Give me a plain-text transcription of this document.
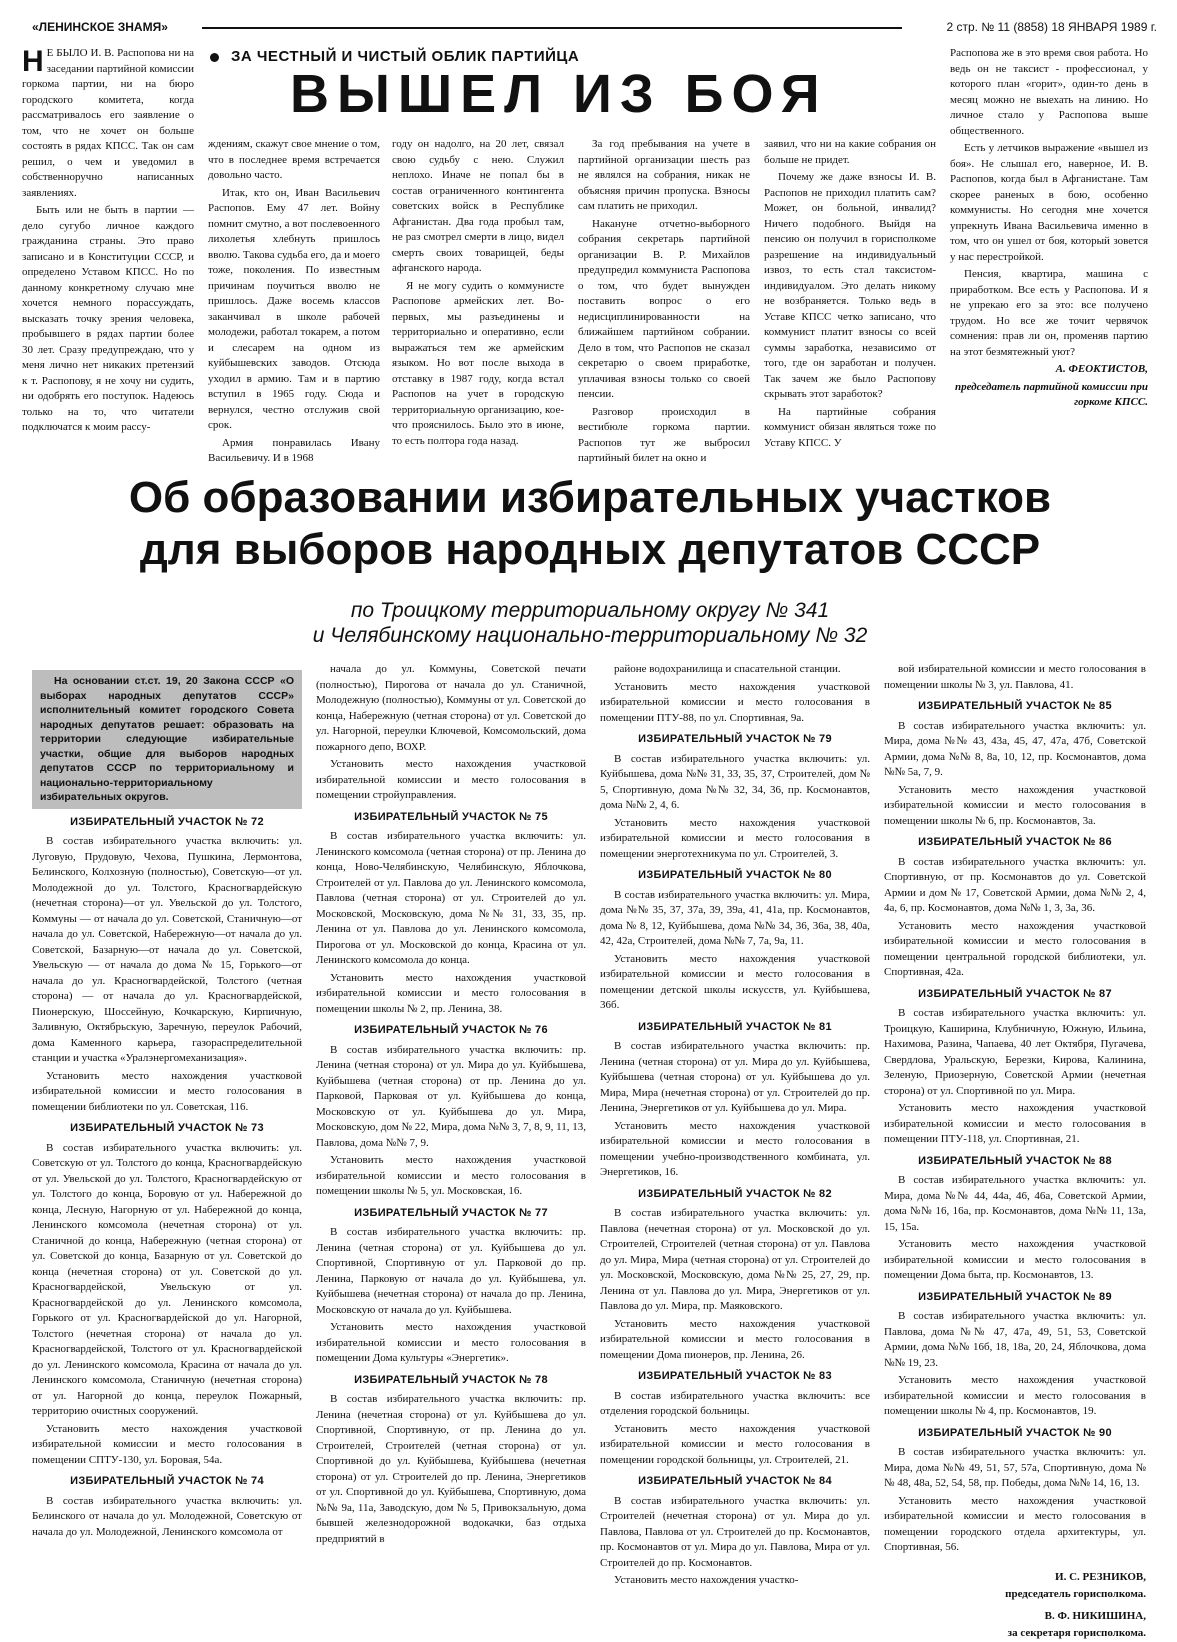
«ЛЕНИНСКОЕ ЗНАМЯ»	2 стр. № 11 (8858) 18 ЯНВАРЯ 1989 г.
ЗА ЧЕСТНЫЙ И ЧИСТЫЙ ОБЛИК ПАРТИЙЦА
ВЫШЕЛ ИЗ БОЯ

Н Е БЫЛО И. В. Распопова ни на заседании партийной комиссии горкома партии, ни на бюро городского комитета, когда рассматривалось его заявление о том, что не хочет он больше состоять в рядах КПСС. Так он сам решил, о чем и уведомил в собственноручно написанных заявлениях.

Быть или не быть в партии — дело сугубо личное каждого гражданина страны. Это право записано и в Конституции СССР, и определено Уставом КПСС. Но по данному конкретному случаю мне хочется немного порассуждать, высказать точку зрения человека, пробывшего в рядах партии более 30 лет. Сразу предупреждаю, что у меня лично нет никаких претензий к т. Распопову, я не хочу ни судить, ни одобрять его поступок. Надеюсь только на то, что читатели подключатся к моим рассу-

ждениям, скажут свое мнение о том, что в последнее время встречается довольно часто.

Итак, кто он, Иван Васильевич Распопов. Ему 47 лет. Войну помнит смутно, а вот послевоенного лихолетья хлебнуть пришлось вволю. Такова судьба его, да и моего тоже, поколения. По известным причинам поучиться вволю не пришлось. Даже восемь классов заканчивал в школе рабочей молодежи, работал токарем, а потом и слесарем на одном из куйбышевских заводов. Отсюда уходил в армию. Там и в партию вступил в 1965 году. Сюда и вернулся, честно отслужив свой срок.

Армия понравилась Ивану Васильевичу. И в 1968

году он надолго, на 20 лет, связал свою судьбу с нею. Служил неплохо. Иначе не попал бы в состав ограниченного контингента советских войск в Республике Афганистан. Два года пробыл там, не раз смотрел смерти в лицо, видел смерть своих товарищей, беды афганского народа.

Я не могу судить о коммунисте Распопове армейских лет. Во-первых, мы разъединены и территориально и оперативно, если выражаться тем же армейским языком. Но вот после выхода в отставку в 1987 году, когда встал Распопов на учет в городскую территориальную организацию, кое-что прояснилось. Было это в июне, то есть полтора года назад.

За год пребывания на учете в партийной организации шесть раз не являлся на собрания, никак не объясняя причин пропуска. Взносы сам платить не приходил.

Накануне отчетно-выборного собрания секретарь партийной организации В. Р. Михайлов предупредил коммуниста Распопова о том, что будет вынужден поставить вопрос о его недисциплинированности на ближайшем партийном собрании. Дело в том, что Распопов не сказал секретарю о своем приработке, уплачивая взносы только со своей пенсии.

Разговор происходил в вестибюле горкома партии. Распопов тут же выбросил партийный билет на окно и

заявил, что ни на какие собрания он больше не придет.

Почему же даже взносы И. В. Распопов не приходил платить сам? Может, он больной, инвалид? Ничего подобного. Выйдя на пенсию он получил в горисполкоме разрешение на индивидуальный извоз, то есть стал таксистом-индивидуалом. Это делать никому не возбраняется. Только ведь в Уставе КПСС четко записано, что коммунист платит взносы со всей суммы заработка, независимо от того, где он заработан и получен. Так зачем же было Распопову скрывать этот заработок?

На партийные собрания коммунист обязан являться тоже по Уставу КПСС. У

Распопова же в это время своя работа. Но ведь он не таксист - профессионал, у которого план «горит», один-то день в месяц можно не выехать на линию. Но личное стало у Распопова выше общественного.

Есть у летчиков выражение «вышел из боя». Не слышал его, наверное, И. В. Распопов, когда был в Афганистане. Там скорее раненых в бою, особенно коммунисты. Но сегодня мне хочется упрекнуть Ивана Васильевича именно в том, что он ушел от боя, который зовется у нас перестройкой.

Пенсия, квартира, машина с приработком. Все есть у Распопова. И я не упрекаю его за это: все получено трудом. Но все же точит червячок сомнения: прав ли он, променяв партию на этот безмятежный уют?

А. ФЕОКТИСТОВ,

председатель партийной комиссии при горкоме КПСС.

Об образовании избирательных участков
для выборов народных депутатов СССР
по Троицкому территориальному округу № 341
и Челябинскому национально-территориальному № 32
На основании ст.ст. 19, 20 Закона СССР «О выборах народных депутатов СССР» исполнительный комитет городского Совета народных депутатов решает: образовать на территории следующие избирательные участки, общие для выборов народных депутатов СССР по территориальному и национально-территориальному избирательных округов.
ИЗБИРАТЕЛЬНЫЙ УЧАСТОК № 72

В состав избирательного участка включить: ул. Луговую, Прудовую, Чехова, Пушкина, Лермонтова, Белинского, Колхозную (полностью), Советскую—от ул. Молодежной до ул. Толстого, Красногвардейскую (нечетная сторона)—от ул. Увельской до ул. Толстого, Коммуны — от начала до ул. Советской, Станичную—от начала до ул. Советской, Набережную—от начала до ул. Советской, Базарную—от начала до ул. Советской, Увельскую — от начала до дома № 15, Горького—от начала до ул. Красногвардейской, Толстого (четная сторона) — от начала до ул. Красногвардейской, Пионерскую, Шоссейную, Кочкарскую, Кирпичную, Заливную, Октябрьскую, Заречную, переулок Рабочий, дома Каменного карьера, газораспределительной станции и участка «Уралэнергомеханизация».

Установить место нахождения участковой избирательной комиссии и место голосования в помещении библиотеки по ул. Советская, 116.

ИЗБИРАТЕЛЬНЫЙ УЧАСТОК № 73

В состав избирательного участка включить: ул. Советскую от ул. Толстого до конца, Красногвардейскую от ул. Увельской до ул. Толстого, Красногвардейскую от ул. Толстого до конца, Боровую от ул. Набережной до конца, Лесную, Нагорную от ул. Набережной до конца, Ленинского комсомола (нечетная сторона) от ул. Станичной до конца, Набережную (четная сторона) от ул. Советской до конца, Базарную от ул. Советской до конца (нечетная сторона) от ул. Советской до ул. Красногвардейской, Увельскую от ул. Красногвардейской до ул. Ленинского комсомола, Горького от ул. Красногвардейской до ул. Нагорной, Толстого (нечетная сторона) от начала до ул. Красногвардейской, Толстого от ул. Красногвардейской до ул. Ленинского комсомола, Красина от начала до ул. Ленинского комсомола, Станичную (нечетная сторона) от ул. Нагорной до конца, переулок Пожарный, территорию очистных сооружений.

Установить место нахождения участковой избирательной комиссии и место голосования в помещении СПТУ-130, ул. Боровая, 54а.

ИЗБИРАТЕЛЬНЫЙ УЧАСТОК № 74

В состав избирательного участка включить: ул. Белинского от начала до ул. Молодежной, Советскую от начала до ул. Молодежной, Ленинского комсомола от

начала до ул. Коммуны, Советской печати (полностью), Пирогова от начала до ул. Станичной, Молодежную (полностью), Коммуны от ул. Советской до конца, Набережную (четная сторона) от ул. Советской до ул. Нагорной, переулки Ключевой, Комсомольский, дома пожарного депо, ВОХР.

Установить место нахождения участковой избирательной комиссии и место голосования в помещении стройуправления.

ИЗБИРАТЕЛЬНЫЙ УЧАСТОК № 75

В состав избирательного участка включить: ул. Ленинского комсомола (четная сторона) от пр. Ленина до конца, Ново-Челябинскую, Челябинскую, Яблочкова, Строителей от ул. Павлова до ул. Ленинского комсомола, Павлова (четная сторона) от ул. Строителей до ул. Московской, Московскую, дома №№ 31, 33, 35, пр. Ленина от ул. Павлова до ул. Ленинского комсомола, Пирогова от ул. Московской до конца, Красина от ул. Ленинского комсомола до конца.

Установить место нахождения участковой избирательной комиссии и место голосования в помещении школы № 2, пр. Ленина, 38.

ИЗБИРАТЕЛЬНЫЙ УЧАСТОК № 76

В состав избирательного участка включить: пр. Ленина (четная сторона) от ул. Мира до ул. Куйбышева, Куйбышева (четная сторона) от пр. Ленина до ул. Парковой, Парковая от ул. Куйбышева до конца, Московскую от ул. Куйбышева до ул. Мира, Московскую, дом № 22, Мира, дома №№ 3, 7, 8, 9, 11, 13, Павлова, дома №№ 7, 9.

Установить место нахождения участковой избирательной комиссии и место голосования в помещении школы № 5, ул. Московская, 16.

ИЗБИРАТЕЛЬНЫЙ УЧАСТОК № 77

В состав избирательного участка включить: пр. Ленина (четная сторона) от ул. Куйбышева до ул. Спортивной, Спортивную от ул. Парковой до пр. Ленина, Парковую от начала до ул. Куйбышева, ул. Куйбышева (нечетная сторона) от начала до пр. Ленина, Московскую от начала до ул. Куйбышева.

Установить место нахождения участковой избирательной комиссии и место голосования в помещении Дома культуры «Энергетик».

ИЗБИРАТЕЛЬНЫЙ УЧАСТОК № 78

В состав избирательного участка включить: пр. Ленина (нечетная сторона) от ул. Куйбышева до ул. Спортивной, Спортивную, от пр. Ленина до ул. Строителей, Строителей (четная сторона) от ул. Спортивной до ул. Куйбышева, Куйбышева (нечетная сторона) от ул. Строителей до пр. Ленина, Энергетиков от ул. Спортивной до ул. Куйбышева, Спортивную, дома №№ 9а, 11а, Заводскую, дом № 5, Привокзальную, дома бывшей железнодорожной водокачки, баз отдыха предприятий в

районе водохранилища и спасательной станции.

Установить место нахождения участковой избирательной комиссии и место голосования в помещении ПТУ-88, по ул. Спортивная, 9а.

ИЗБИРАТЕЛЬНЫЙ УЧАСТОК № 79

В состав избирательного участка включить: ул. Куйбышева, дома №№ 31, 33, 35, 37, Строителей, дом № 5, Спортивную, дома №№ 32, 34, 36, пр. Космонавтов, дома №№ 2, 4, 6.

Установить место нахождения участковой избирательной комиссии и место голосования в помещении энерготехникума по ул. Строителей, 3.

ИЗБИРАТЕЛЬНЫЙ УЧАСТОК № 80

В состав избирательного участка включить: ул. Мира, дома №№ 35, 37, 37а, 39, 39а, 41, 41а, пр. Космонавтов, дома № 8, 12, Куйбышева, дома №№ 34, 36, 36а, 38, 40а, 42, 42а, Строителей, дома №№ 7, 7а, 9а, 11.

Установить место нахождения участковой избирательной комиссии и место голосования в помещении детской школы искусств, ул. Куйбышева, 36б.

ИЗБИРАТЕЛЬНЫЙ УЧАСТОК № 81

В состав избирательного участка включить: пр. Ленина (четная сторона) от ул. Мира до ул. Куйбышева, Куйбышева (четная сторона) от ул. Куйбышева до ул. Мира, Мира (нечетная сторона) от ул. Строителей до пр. Ленина, Энергетиков от ул. Куйбышева до ул. Мира.

Установить место нахождения участковой избирательной комиссии и место голосования в помещении учебно-производственного комбината, ул. Энергетиков, 16.

ИЗБИРАТЕЛЬНЫЙ УЧАСТОК № 82

В состав избирательного участка включить: ул. Павлова (нечетная сторона) от ул. Московской до ул. Строителей, Строителей (четная сторона) от ул. Павлова до ул. Мира, Мира (четная сторона) от ул. Строителей до ул. Московской, Московскую, дома №№ 25, 27, 29, пр. Ленина от ул. Павлова до ул. Мира, Энергетиков от ул. Павлова до ул. Мира, пр. Маяковского.

Установить место нахождения участковой избирательной комиссии и место голосования в помещении Дома пионеров, пр. Ленина, 26.

ИЗБИРАТЕЛЬНЫЙ УЧАСТОК № 83

В состав избирательного участка включить: все отделения городской больницы.

Установить место нахождения участковой избирательной комиссии и место голосования в помещении городской больницы, ул. Строителей, 21.

ИЗБИРАТЕЛЬНЫЙ УЧАСТОК № 84

В состав избирательного участка включить: ул. Строителей (нечетная сторона) от ул. Мира до ул. Павлова, Павлова от ул. Строителей до пр. Космонавтов, пр. Космонавтов от ул. Мира до ул. Павлова, Мира от ул. Строителей до пр. Космонавтов.

Установить место нахождения участко-

вой избирательной комиссии и место голосования в помещении школы № 3, ул. Павлова, 41.

ИЗБИРАТЕЛЬНЫЙ УЧАСТОК № 85

В состав избирательного участка включить: ул. Мира, дома №№ 43, 43а, 45, 47, 47а, 47б, Советской Армии, дома №№ 8, 8а, 10, 12, пр. Космонавтов, дома №№ 5а, 7, 9.

Установить место нахождения участковой избирательной комиссии и место голосования в помещении школы № 6, пр. Космонавтов, 3а.

ИЗБИРАТЕЛЬНЫЙ УЧАСТОК № 86

В состав избирательного участка включить: ул. Спортивную, от пр. Космонавтов до ул. Советской Армии и дом № 17, Советской Армии, дома №№ 2, 4, 4а, 6, пр. Космонавтов, дома №№ 1, 3, 3а, 36.

Установить место нахождения участковой избирательной комиссии и место голосования в помещении центральной городской библиотеки, ул. Спортивная, 42а.

ИЗБИРАТЕЛЬНЫЙ УЧАСТОК № 87

В состав избирательного участка включить: ул. Троицкую, Каширина, Клубничную, Южную, Ильина, Нахимова, Разина, Чапаева, 40 лет Октября, Пугачева, Свердлова, Уральскую, Березки, Кирова, Калинина, Зеленую, Приозерную, Советской Армии (нечетная сторона) от ул. Спортивной по ул. Мира.

Установить место нахождения участковой избирательной комиссии и место голосования в помещении ПТУ-118, ул. Спортивная, 21.

ИЗБИРАТЕЛЬНЫЙ УЧАСТОК № 88

В состав избирательного участка включить: ул. Мира, дома №№ 44, 44а, 46, 46а, Советской Армии, дома №№ 16, 16а, пр. Космонавтов, дома №№ 11, 13а, 15, 15а.

Установить место нахождения участковой избирательной комиссии и место голосования в помещении Дома быта, пр. Космонавтов, 13.

ИЗБИРАТЕЛЬНЫЙ УЧАСТОК № 89

В состав избирательного участка включить: ул. Павлова, дома №№ 47, 47а, 49, 51, 53, Советской Армии, дома №№ 16б, 18, 18а, 20, 24, Яблочкова, дома №№ 19, 23.

Установить место нахождения участковой избирательной комиссии и место голосования в помещении школы № 4, пр. Космонавтов, 19.

ИЗБИРАТЕЛЬНЫЙ УЧАСТОК № 90

В состав избирательного участка включить: ул. Мира, дома №№ 49, 51, 57, 57а, Спортивную, дома №№ 48, 48а, 52, 54, 58, пр. Победы, дома №№ 14, 16, 13.

Установить место нахождения участковой избирательной комиссии и место голосования в помещении городского отдела архитектуры, ул. Спортивная, 56.

И. С. РЕЗНИКОВ,

председатель горисполкома.

В. Ф. НИКИШИНА,

за секретаря горисполкома.
